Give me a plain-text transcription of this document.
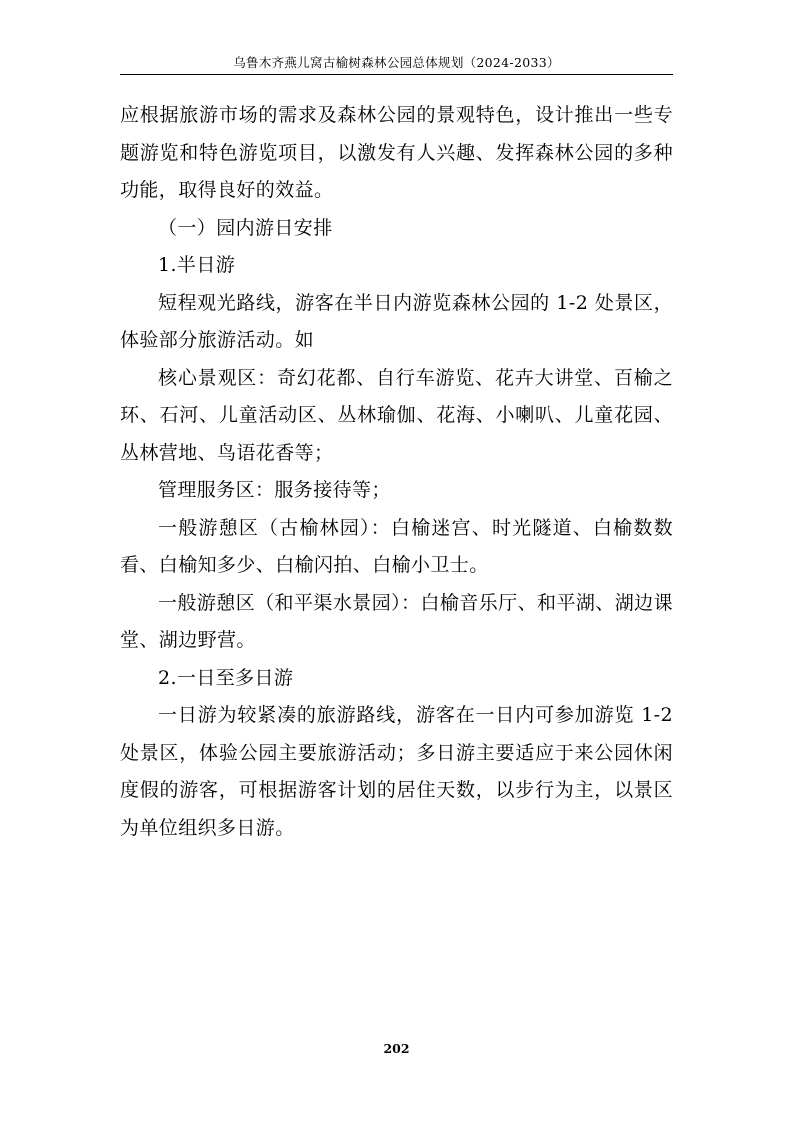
乌鲁木齐燕儿窝古榆树森林公园总体规划（2024-2033）

应根据旅游市场的需求及森林公园的景观特色，设计推出一些专题游览和特色游览项目，以激发有人兴趣、发挥森林公园的多种功能，取得良好的效益。

（一）园内游日安排

1.半日游

短程观光路线，游客在半日内游览森林公园的 1-2 处景区，体验部分旅游活动。如

核心景观区：奇幻花都、自行车游览、花卉大讲堂、百榆之环、石河、儿童活动区、丛林瑜伽、花海、小喇叭、儿童花园、丛林营地、鸟语花香等；

管理服务区：服务接待等；

一般游憩区（古榆林园）：白榆迷宫、时光隧道、白榆数数看、白榆知多少、白榆闪拍、白榆小卫士。

一般游憩区（和平渠水景园）：白榆音乐厅、和平湖、湖边课堂、湖边野营。

2.一日至多日游

一日游为较紧凑的旅游路线，游客在一日内可参加游览 1-2 处景区，体验公园主要旅游活动；多日游主要适应于来公园休闲度假的游客，可根据游客计划的居住天数，以步行为主，以景区为单位组织多日游。

202
